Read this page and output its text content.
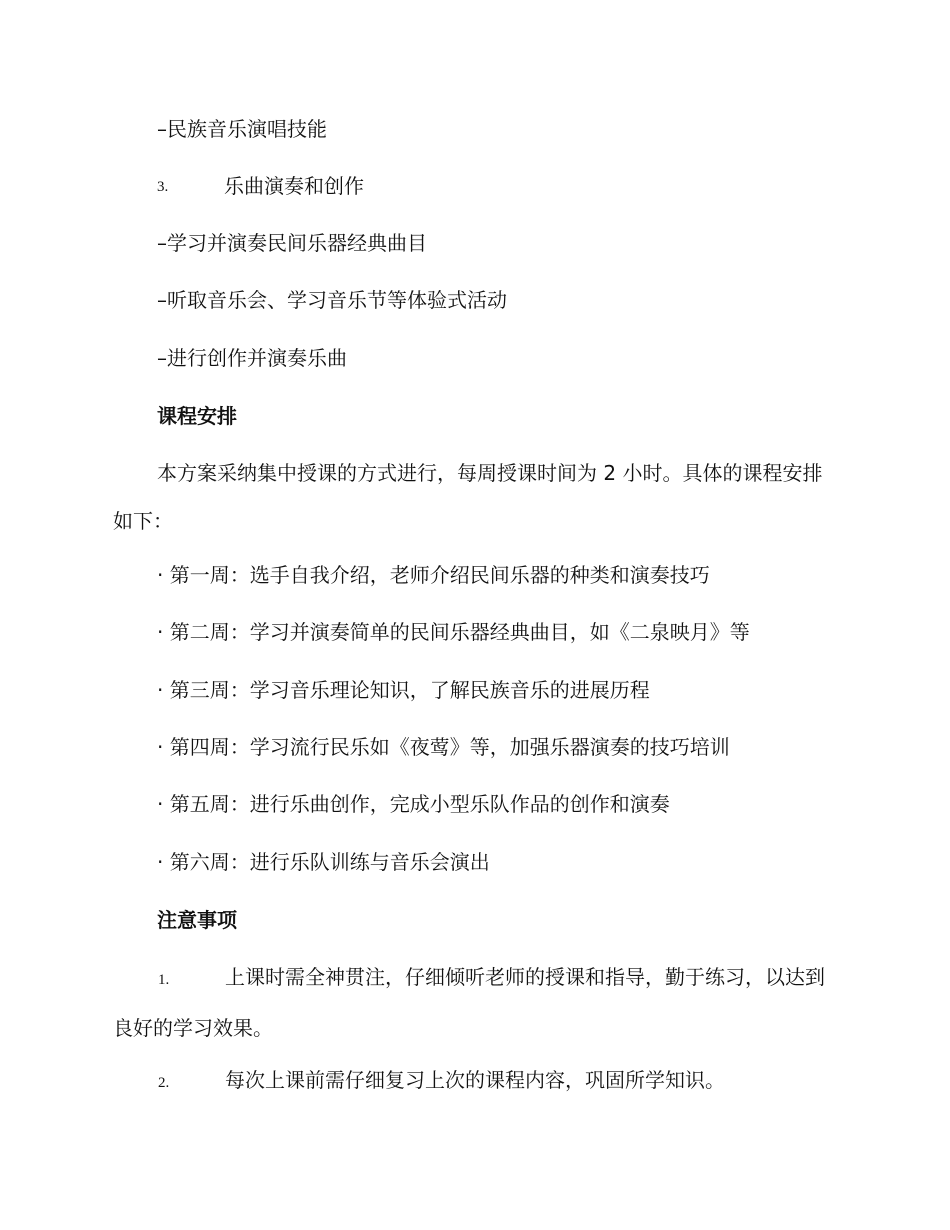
–民族音乐演唱技能
3.	乐曲演奏和创作
–学习并演奏民间乐器经典曲目
–听取音乐会、学习音乐节等体验式活动
–进行创作并演奏乐曲
课程安排
本方案采纳集中授课的方式进行，每周授课时间为 2 小时。具体的课程安排如下：
· 第一周：选手自我介绍，老师介绍民间乐器的种类和演奏技巧
· 第二周：学习并演奏简单的民间乐器经典曲目，如《二泉映月》等
· 第三周：学习音乐理论知识，了解民族音乐的进展历程
· 第四周：学习流行民乐如《夜莺》等，加强乐器演奏的技巧培训
· 第五周：进行乐曲创作，完成小型乐队作品的创作和演奏
· 第六周：进行乐队训练与音乐会演出
注意事项
1.	上课时需全神贯注，仔细倾听老师的授课和指导，勤于练习，以达到良好的学习效果。
2.	每次上课前需仔细复习上次的课程内容，巩固所学知识。
